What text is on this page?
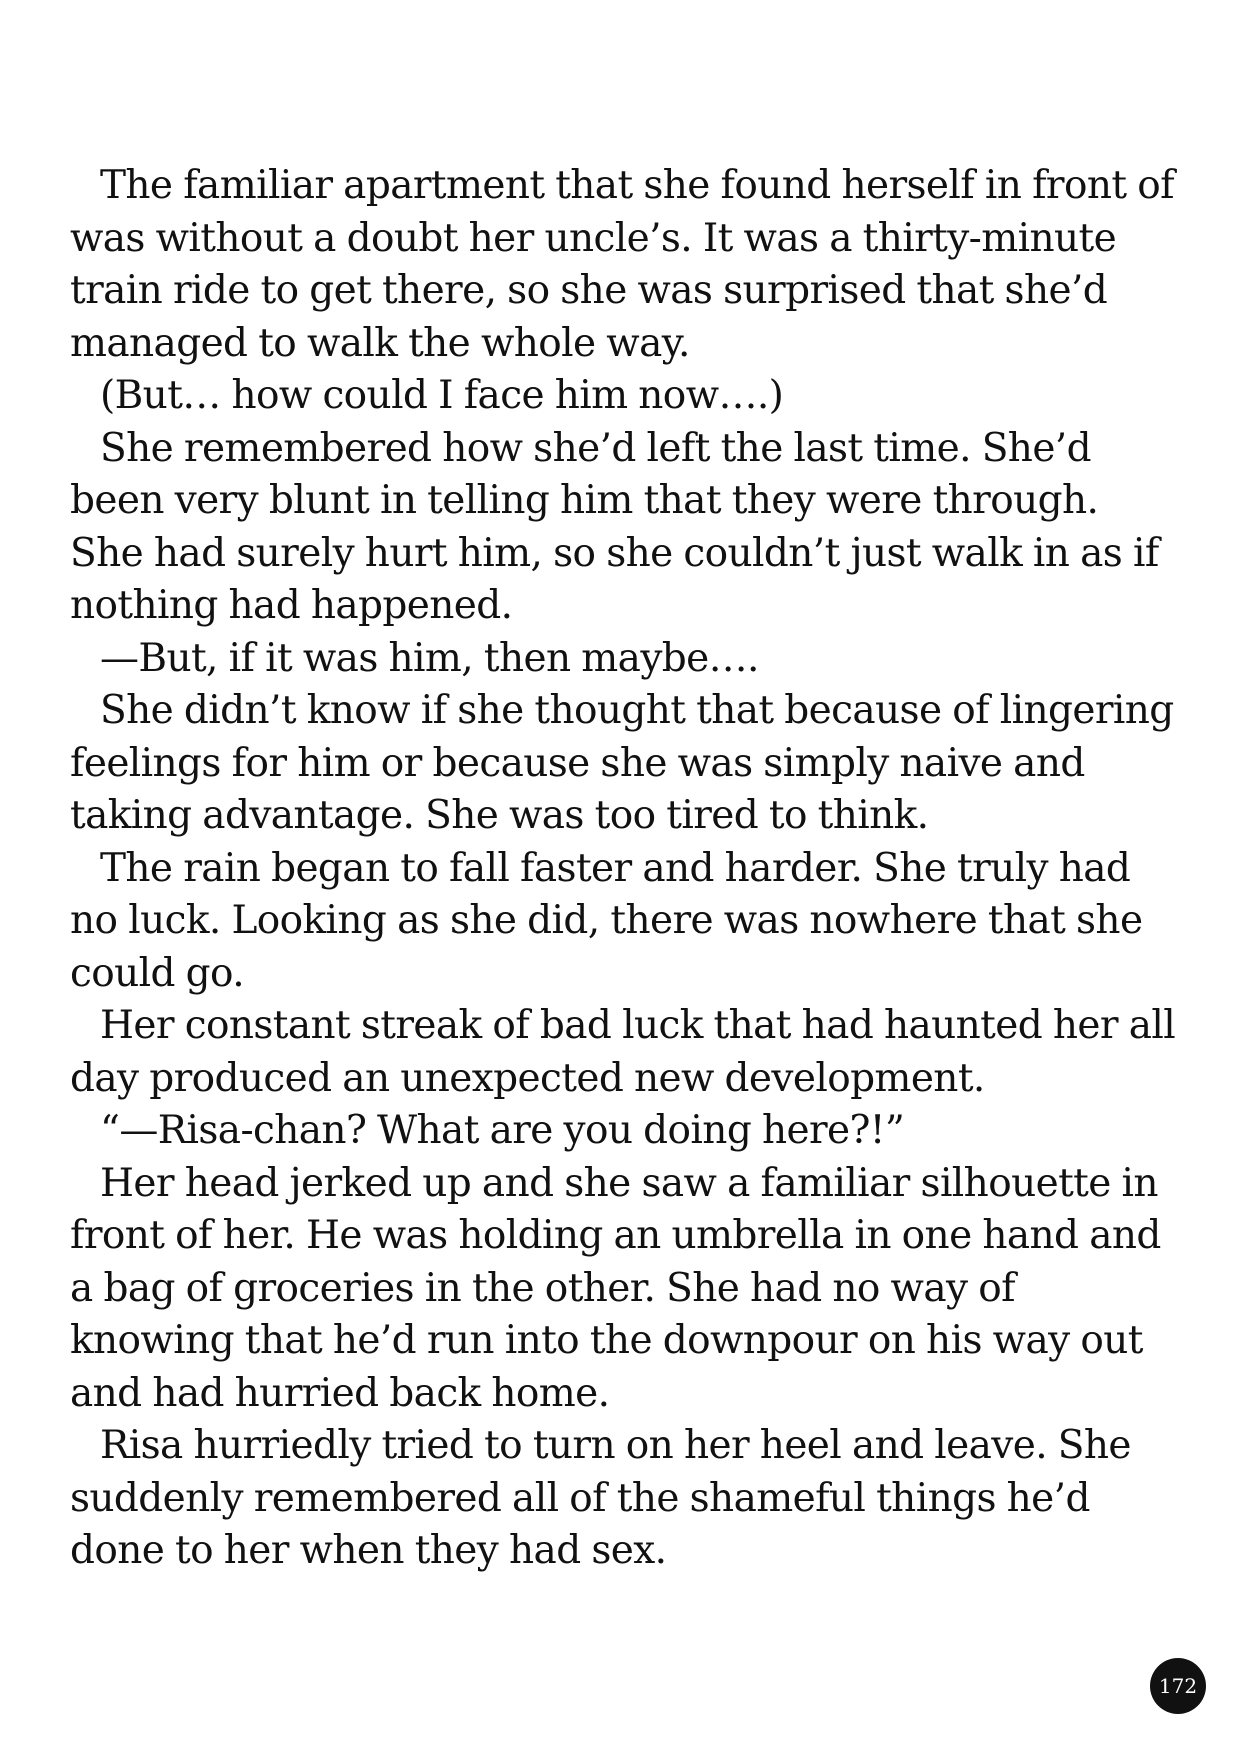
The familiar apartment that she found herself in front of was without a doubt her uncle’s. It was a thirty-minute train ride to get there, so she was surprised that she’d managed to walk the whole way.

(But… how could I face him now….)

She remembered how she’d left the last time. She’d been very blunt in telling him that they were through. She had surely hurt him, so she couldn’t just walk in as if nothing had happened.

—But, if it was him, then maybe….

She didn’t know if she thought that because of lingering feelings for him or because she was simply naive and taking advantage. She was too tired to think.

The rain began to fall faster and harder. She truly had no luck. Looking as she did, there was nowhere that she could go.

Her constant streak of bad luck that had haunted her all day produced an unexpected new development.

“—Risa-chan? What are you doing here?!”

Her head jerked up and she saw a familiar silhouette in front of her. He was holding an umbrella in one hand and a bag of groceries in the other. She had no way of knowing that he’d run into the downpour on his way out and had hurried back home.

Risa hurriedly tried to turn on her heel and leave. She suddenly remembered all of the shameful things he’d done to her when they had sex.

172
